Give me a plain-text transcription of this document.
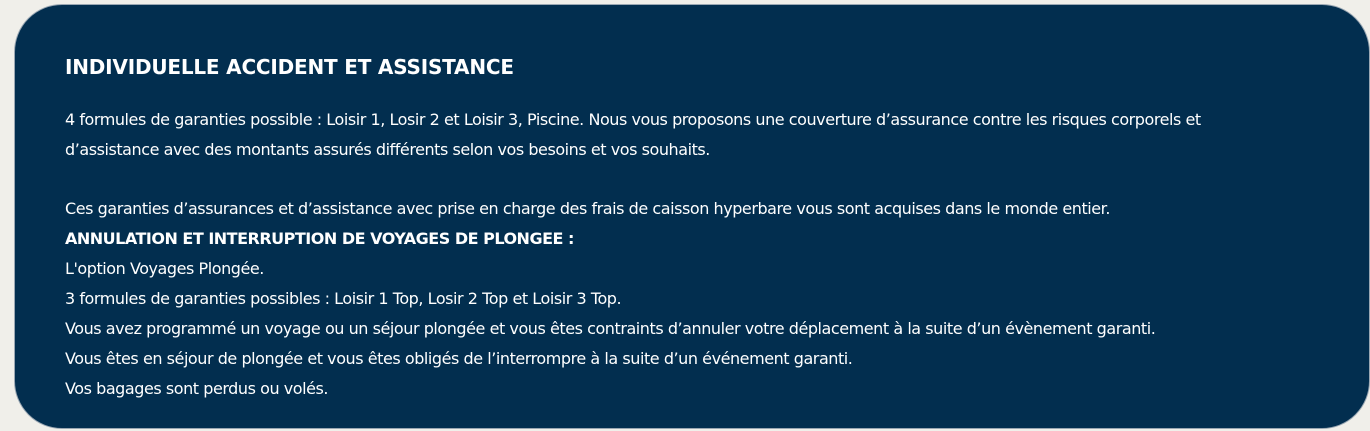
INDIVIDUELLE ACCIDENT ET ASSISTANCE

4 formules de garanties possible : Loisir 1, Losir 2 et Loisir 3, Piscine. Nous vous proposons une couverture d’assurance contre les risques corporels et

d’assistance avec des montants assurés différents selon vos besoins et vos souhaits.

Ces garanties d’assurances et d’assistance avec prise en charge des frais de caisson hyperbare vous sont acquises dans le monde entier.

ANNULATION ET INTERRUPTION DE VOYAGES DE PLONGEE :

L'option Voyages Plongée.

3 formules de garanties possibles : Loisir 1 Top, Losir 2 Top et Loisir 3 Top.

Vous avez programmé un voyage ou un séjour plongée et vous êtes contraints d’annuler votre déplacement à la suite d’un évènement garanti.

Vous êtes en séjour de plongée et vous êtes obligés de l’interrompre à la suite d’un événement garanti.

Vos bagages sont perdus ou volés.
